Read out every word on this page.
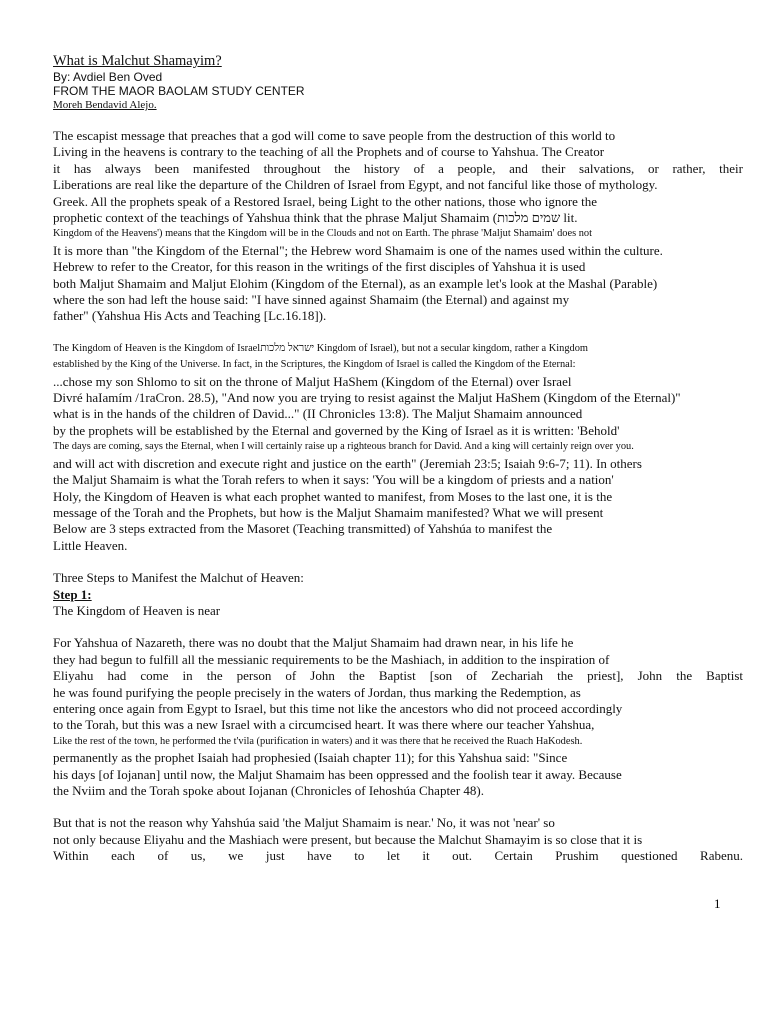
What is Malchut Shamayim?
By: Avdiel Ben Oved
FROM THE MAOR BAOLAM STUDY CENTER
Moreh Bendavid Alejo.
The escapist message that preaches that a god will come to save people from the destruction of this world to
Living in the heavens is contrary to the teaching of all the Prophets and of course to Yahshua. The Creator
it has always been manifested throughout the history of a people, and their salvations, or rather, their
Liberations are real like the departure of the Children of Israel from Egypt, and not fanciful like those of mythology.
Greek. All the prophets speak of a Restored Israel, being Light to the other nations, those who ignore the
prophetic context of the teachings of Yahshua think that the phrase Maljut Shamaim (שמים מלכות lit.
Kingdom of the Heavens') means that the Kingdom will be in the Clouds and not on Earth. The phrase 'Maljut Shamaim' does not
It is more than "the Kingdom of the Eternal"; the Hebrew word Shamaim is one of the names used within the culture.
Hebrew to refer to the Creator, for this reason in the writings of the first disciples of Yahshua it is used
both Maljut Shamaim and Maljut Elohim (Kingdom of the Eternal), as an example let's look at the Mashal (Parable)
where the son had left the house said: "I have sinned against Shamaim (the Eternal) and against my
father" (Yahshua His Acts and Teaching [Lc.16.18]).
The Kingdom of Heaven is the Kingdom of Israelישראל מלכות Kingdom of Israel), but not a secular kingdom, rather a Kingdom
established by the King of the Universe. In fact, in the Scriptures, the Kingdom of Israel is called the Kingdom of the Eternal:
...chose my son Shlomo to sit on the throne of Maljut HaShem (Kingdom of the Eternal) over Israel
Divré haIamím /1raCron. 28.5), "And now you are trying to resist against the Maljut HaShem (Kingdom of the Eternal)"
what is in the hands of the children of David..." (II Chronicles 13:8). The Maljut Shamaim announced
by the prophets will be established by the Eternal and governed by the King of Israel as it is written: 'Behold'
The days are coming, says the Eternal, when I will certainly raise up a righteous branch for David. And a king will certainly reign over you.
and will act with discretion and execute right and justice on the earth" (Jeremiah 23:5; Isaiah 9:6-7; 11). In others
the Maljut Shamaim is what the Torah refers to when it says: 'You will be a kingdom of priests and a nation'
Holy, the Kingdom of Heaven is what each prophet wanted to manifest, from Moses to the last one, it is the
message of the Torah and the Prophets, but how is the Maljut Shamaim manifested? What we will present
Below are 3 steps extracted from the Masoret (Teaching transmitted) of Yahshúa to manifest the
Little Heaven.
Three Steps to Manifest the Malchut of Heaven:
Step 1:
The Kingdom of Heaven is near
For Yahshua of Nazareth, there was no doubt that the Maljut Shamaim had drawn near, in his life he
they had begun to fulfill all the messianic requirements to be the Mashiach, in addition to the inspiration of
Eliyahu had come in the person of John the Baptist [son of Zechariah the priest], John the Baptist
he was found purifying the people precisely in the waters of Jordan, thus marking the Redemption, as
entering once again from Egypt to Israel, but this time not like the ancestors who did not proceed accordingly
to the Torah, but this was a new Israel with a circumcised heart. It was there where our teacher Yahshua,
Like the rest of the town, he performed the t'vila (purification in waters) and it was there that he received the Ruach HaKodesh.
permanently as the prophet Isaiah had prophesied (Isaiah chapter 11); for this Yahshua said: "Since
his days [of Iojanan] until now, the Maljut Shamaim has been oppressed and the foolish tear it away. Because
the Nviim and the Torah spoke about Iojanan (Chronicles of Iehoshúa Chapter 48).
But that is not the reason why Yahshúa said 'the Maljut Shamaim is near.' No, it was not 'near' so
not only because Eliyahu and the Mashiach were present, but because the Malchut Shamayim is so close that it is
Within each of us, we just have to let it out. Certain Prushim questioned Rabenu.
1
